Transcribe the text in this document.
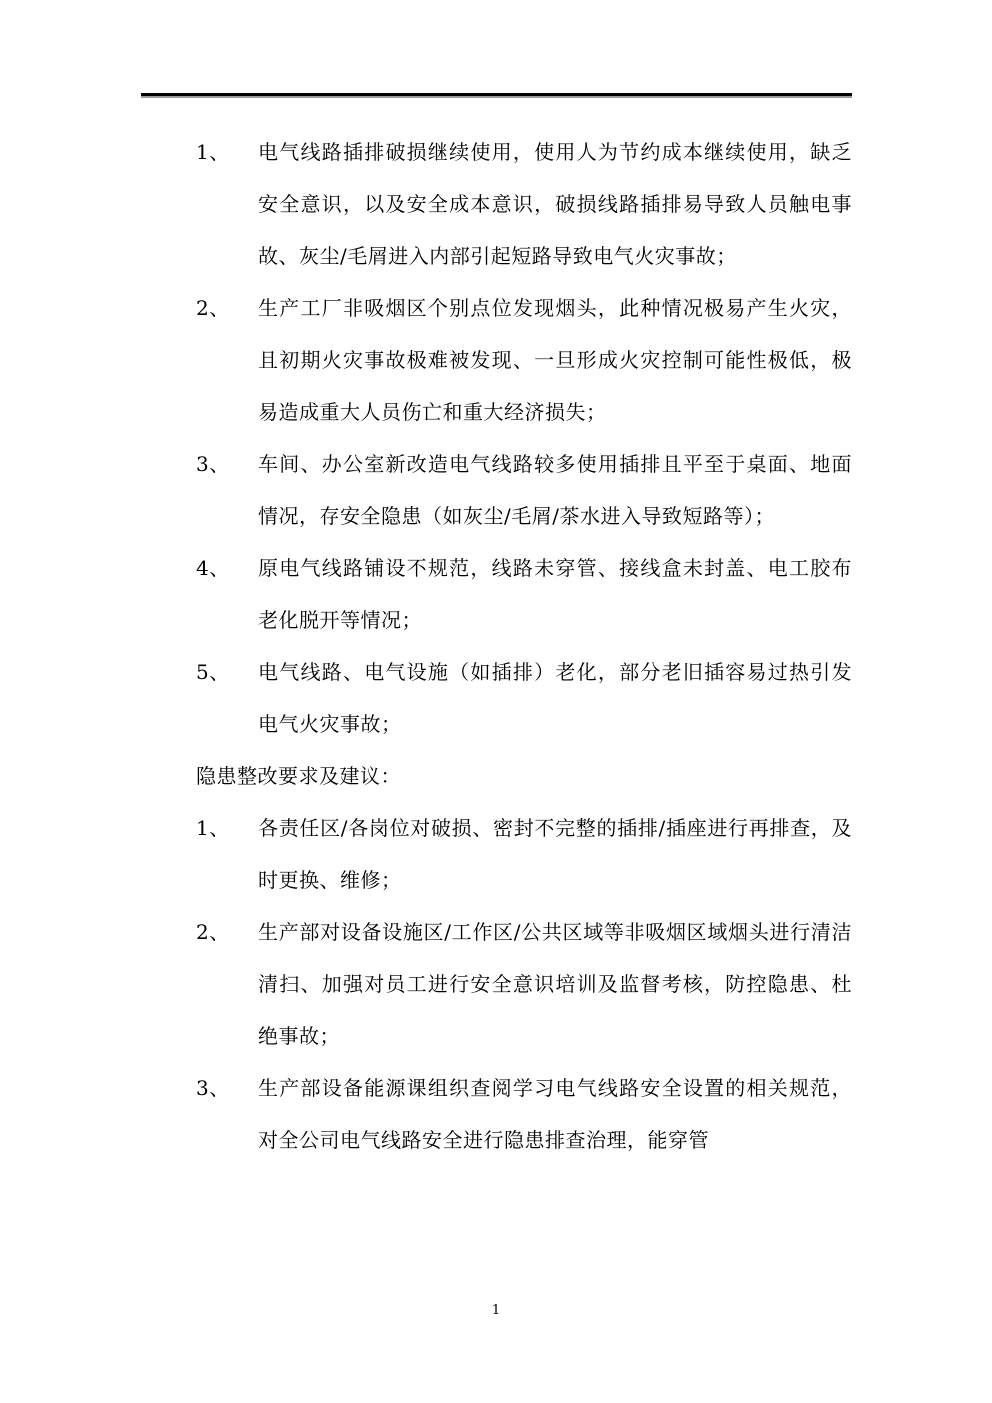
1、	电气线路插排破损继续使用，使用人为节约成本继续使用，缺乏安全意识，以及安全成本意识，破损线路插排易导致人员触电事故、灰尘/毛屑进入内部引起短路导致电气火灾事故；
2、	生产工厂非吸烟区个别点位发现烟头，此种情况极易产生火灾，且初期火灾事故极难被发现、一旦形成火灾控制可能性极低，极易造成重大人员伤亡和重大经济损失；
3、	车间、办公室新改造电气线路较多使用插排且平至于桌面、地面情况，存安全隐患（如灰尘/毛屑/茶水进入导致短路等）；
4、	原电气线路铺设不规范，线路未穿管、接线盒未封盖、电工胶布老化脱开等情况；
5、	电气线路、电气设施（如插排）老化，部分老旧插容易过热引发电气火灾事故；
隐患整改要求及建议：
1、	各责任区/各岗位对破损、密封不完整的插排/插座进行再排查，及时更换、维修；
2、	生产部对设备设施区/工作区/公共区域等非吸烟区域烟头进行清洁清扫、加强对员工进行安全意识培训及监督考核，防控隐患、杜绝事故；
3、	生产部设备能源课组织查阅学习电气线路安全设置的相关规范，对全公司电气线路安全进行隐患排查治理，能穿管
1
